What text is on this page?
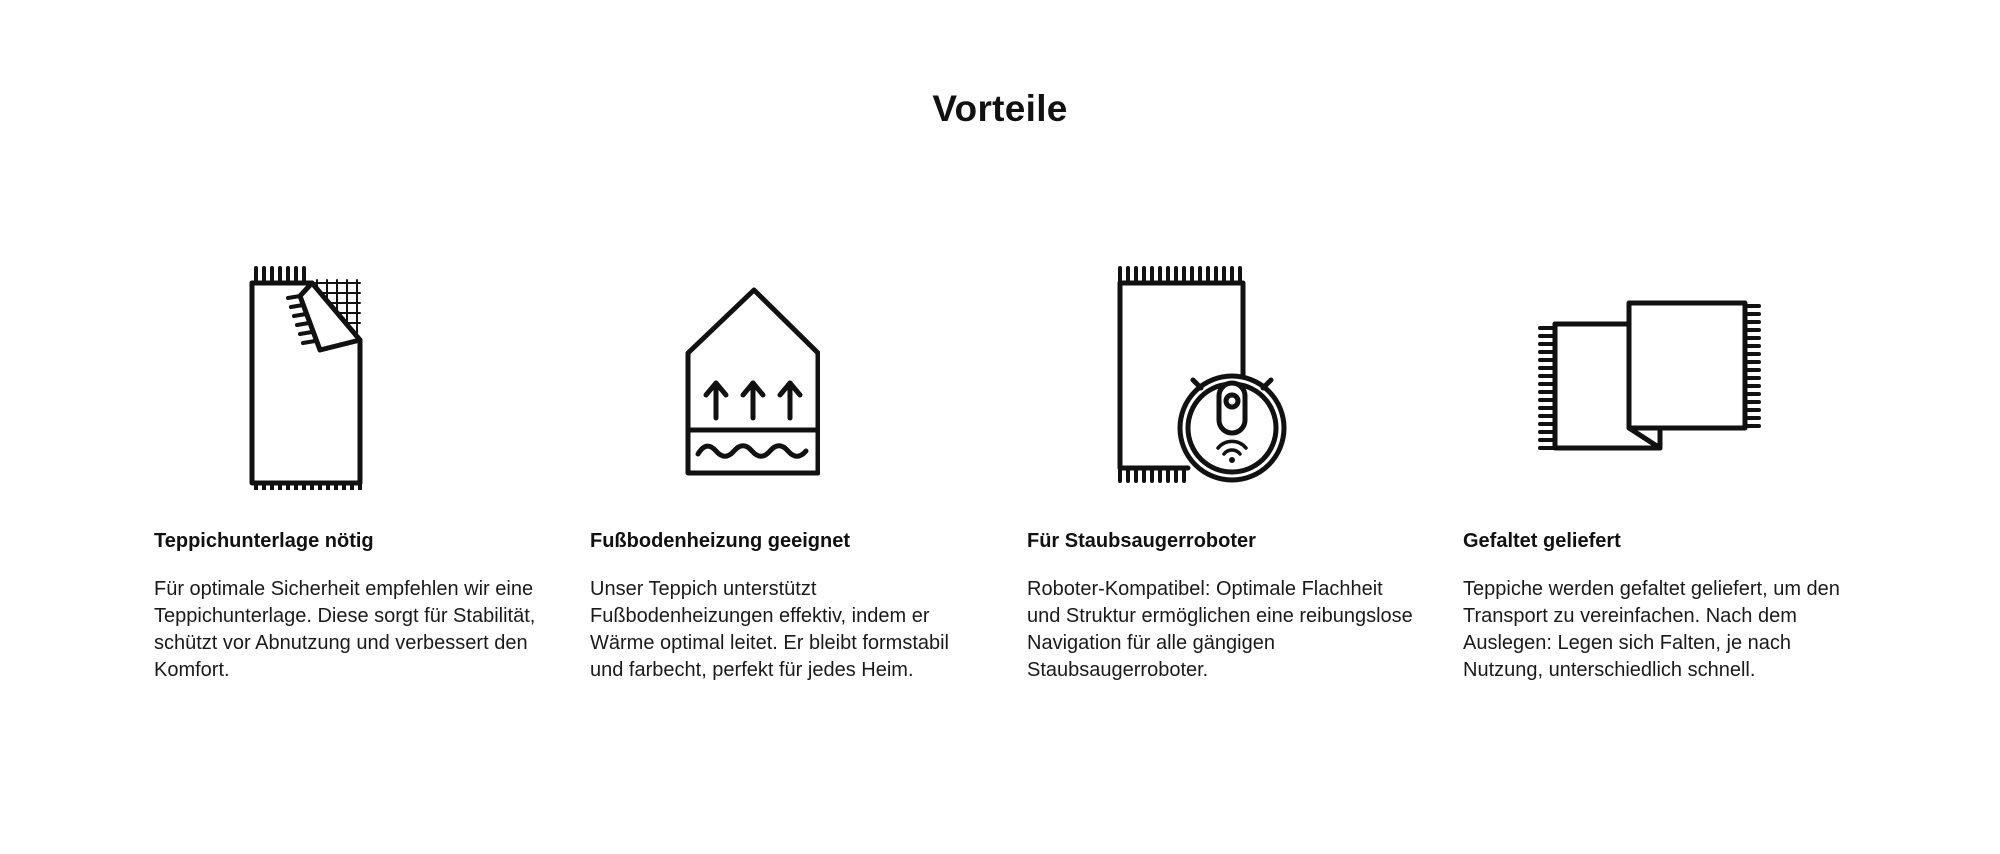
Vorteile
Teppichunterlage nötig

Für optimale Sicherheit empfehlen wir eine Teppichunterlage. Diese sorgt für Stabilität, schützt vor Abnutzung und verbessert den Komfort.

Fußbodenheizung geeignet

Unser Teppich unterstützt Fußbodenheizungen effektiv, indem er Wärme optimal leitet. Er bleibt formstabil und farbecht, perfekt für jedes Heim.

Für Staubsaugerroboter

Roboter-Kompatibel: Optimale Flachheit und Struktur ermöglichen eine reibungslose Navigation für alle gängigen Staubsaugerroboter.

Gefaltet geliefert

Teppiche werden gefaltet geliefert, um den Transport zu vereinfachen. Nach dem Auslegen: Legen sich Falten, je nach Nutzung, unterschiedlich schnell.
